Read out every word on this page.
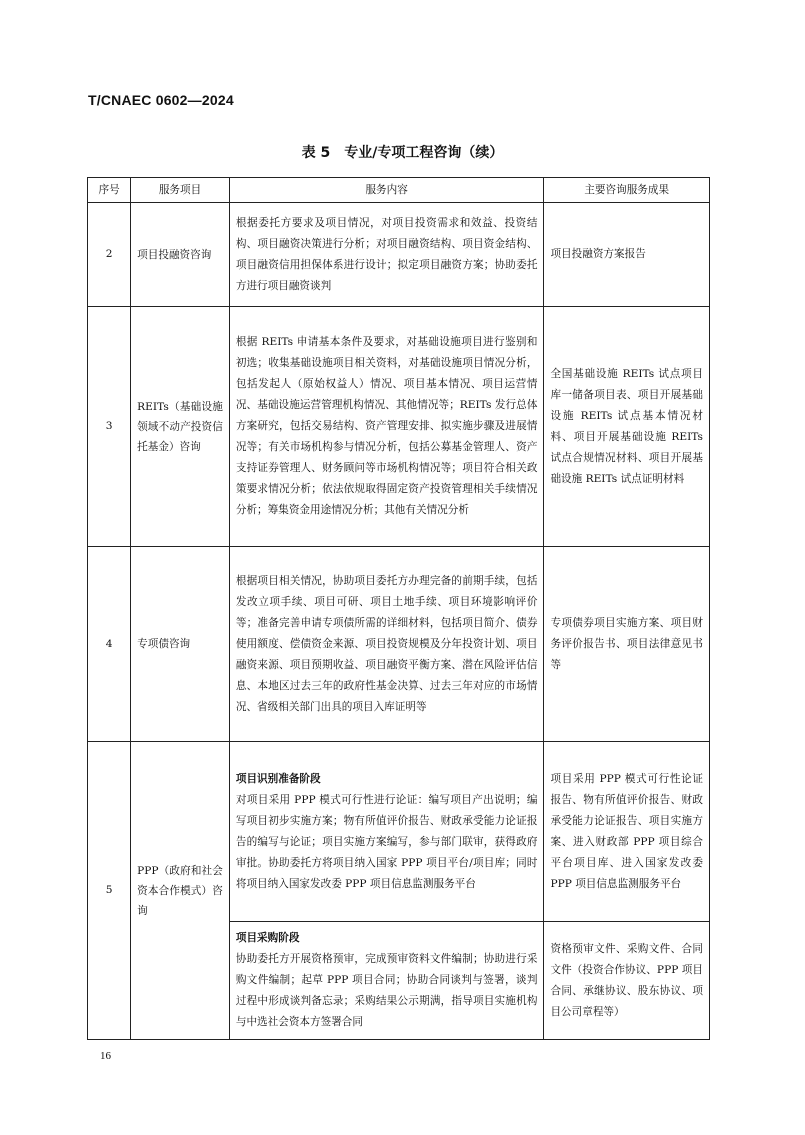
T/CNAEC 0602—2024
表 5　专业/专项工程咨询（续）
序号	服务项目	服务内容	主要咨询服务成果
2	项目投融资咨询	根据委托方要求及项目情况，对项目投资需求和效益、投资结构、项目融资决策进行分析；对项目融资结构、项目资金结构、项目融资信用担保体系进行设计；拟定项目融资方案；协助委托方进行项目融资谈判	项目投融资方案报告
3	REITs（基础设施领域不动产投资信托基金）咨询	根据 REITs 申请基本条件及要求，对基础设施项目进行鉴别和初选；收集基础设施项目相关资料，对基础设施项目情况分析，包括发起人（原始权益人）情况、项目基本情况、项目运营情况、基础设施运营管理机构情况、其他情况等；REITs 发行总体方案研究，包括交易结构、资产管理安排、拟实施步骤及进展情况等；有关市场机构参与情况分析，包括公募基金管理人、资产支持证券管理人、财务顾问等市场机构情况等；项目符合相关政策要求情况分析；依法依规取得固定资产投资管理相关手续情况分析；筹集资金用途情况分析；其他有关情况分析	全国基础设施 REITs 试点项目库一储备项目表、项目开展基础设施 REITs 试点基本情况材料、项目开展基础设施 REITs 试点合规情况材料、项目开展基础设施 REITs 试点证明材料
4	专项债咨询	根据项目相关情况，协助项目委托方办理完备的前期手续，包括发改立项手续、项目可研、项目土地手续、项目环境影响评价等；准备完善申请专项债所需的详细材料，包括项目简介、债券使用额度、偿债资金来源、项目投资规模及分年投资计划、项目融资来源、项目预期收益、项目融资平衡方案、潜在风险评估信息、本地区过去三年的政府性基金决算、过去三年对应的市场情况、省级相关部门出具的项目入库证明等	专项债券项目实施方案、项目财务评价报告书、项目法律意见书等
5	PPP（政府和社会资本合作模式）咨询	项目识别准备阶段
对项目采用 PPP 模式可行性进行论证：编写项目产出说明；编写项目初步实施方案；物有所值评价报告、财政承受能力论证报告的编写与论证；项目实施方案编写，参与部门联审，获得政府审批。协助委托方将项目纳入国家 PPP 项目平台/项目库；同时将项目纳入国家发改委 PPP 项目信息监测服务平台	项目采用 PPP 模式可行性论证报告、物有所值评价报告、财政承受能力论证报告、项目实施方案、进入财政部 PPP 项目综合平台项目库、进入国家发改委 PPP 项目信息监测服务平台

		项目采购阶段
协助委托方开展资格预审，完成预审资料文件编制；协助进行采购文件编制；起草 PPP 项目合同；协助合同谈判与签署，谈判过程中形成谈判备忘录；采购结果公示期满，指导项目实施机构与中选社会资本方签署合同	资格预审文件、采购文件、合同文件（投资合作协议、PPP 项目合同、承继协议、股东协议、项目公司章程等）
16
